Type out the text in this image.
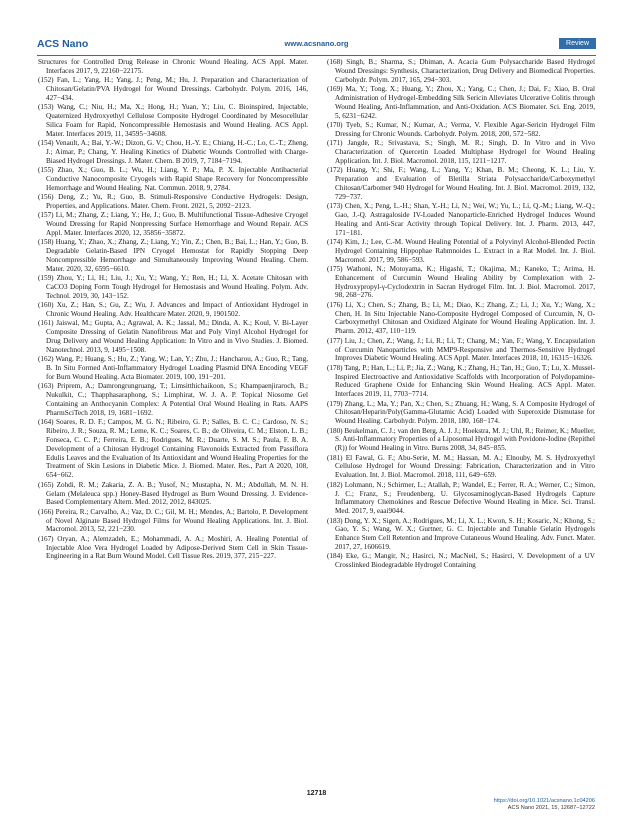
ACS Nano	www.acsnano.org	Review

Structures for Controlled Drug Release in Chronic Wound Healing. ACS Appl. Mater. Interfaces 2017, 9, 22160−22175.

(152) Fan, L.; Yang, H.; Yang, J.; Peng, M.; Hu, J. Preparation and Characterization of Chitosan/Gelatin/PVA Hydrogel for Wound Dressings. Carbohydr. Polym. 2016, 146, 427−434.

(153) Wang, C.; Niu, H.; Ma, X.; Hong, H.; Yuan, Y.; Liu, C. Bioinspired, Injectable, Quaternized Hydroxyethyl Cellulose Composite Hydrogel Coordinated by Mesocellular Silica Foam for Rapid, Noncompressible Hemostasis and Wound Healing. ACS Appl. Mater. Interfaces 2019, 11, 34595−34608.

(154) Venault, A.; Bai, Y.-W.; Dizon, G. V.; Chou, H.-Y. E.; Chiang, H.-C.; Lo, C.-T.; Zheng, J.; Aimar, P.; Chang, Y. Healing Kinetics of Diabetic Wounds Controlled with Charge-Biased Hydrogel Dressings. J. Mater. Chem. B 2019, 7, 7184−7194.

(155) Zhao, X.; Guo, B. L.; Wu, H.; Liang, Y. P.; Ma, P. X. Injectable Antibacterial Conductive Nanocomposite Cryogels with Rapid Shape Recovery for Noncompressible Hemorrhage and Wound Healing. Nat. Commun. 2018, 9, 2784.

(156) Deng, Z.; Yu, R.; Guo, B. Stimuli-Responsive Conductive Hydrogels: Design, Properties, and Applications. Mater. Chem. Front. 2021, 5, 2092−2123.

(157) Li, M.; Zhang, Z.; Liang, Y.; He, J.; Guo, B. Multifunctional Tissue-Adhesive Cryogel Wound Dressing for Rapid Nonpressing Surface Hemorrhage and Wound Repair. ACS Appl. Mater. Interfaces 2020, 12, 35856−35872.

(158) Huang, Y.; Zhao, X.; Zhang, Z.; Liang, Y.; Yin, Z.; Chen, B.; Bai, L.; Han, Y.; Guo, B. Degradable Gelatin-Based IPN Cryogel Hemostat for Rapidly Stopping Deep Noncompressible Hemorrhage and Simultaneously Improving Wound Healing. Chem. Mater. 2020, 32, 6595−6610.

(159) Zhou, Y.; Li, H.; Liu, J.; Xu, Y.; Wang, Y.; Ren, H.; Li, X. Acetate Chitosan with CaCO3 Doping Form Tough Hydrogel for Hemostasis and Wound Healing. Polym. Adv. Technol. 2019, 30, 143−152.

(160) Xu, Z.; Han, S.; Gu, Z.; Wu, J. Advances and Impact of Antioxidant Hydrogel in Chronic Wound Healing. Adv. Healthcare Mater. 2020, 9, 1901502.

(161) Jaiswal, M.; Gupta, A.; Agrawal, A. K.; Jassal, M.; Dinda, A. K.; Koul, V. Bi-Layer Composite Dressing of Gelatin Nanofibrous Mat and Poly Vinyl Alcohol Hydrogel for Drug Delivery and Wound Healing Application: In Vitro and in Vivo Studies. J. Biomed. Nanotechnol. 2013, 9, 1495−1508.

(162) Wang, P.; Huang, S.; Hu, Z.; Yang, W.; Lan, Y.; Zhu, J.; Hancharou, A.; Guo, R.; Tang, B. In Situ Formed Anti-Inflammatory Hydrogel Loading Plasmid DNA Encoding VEGF for Burn Wound Healing. Acta Biomater. 2019, 100, 191−201.

(163) Priprem, A.; Damrongrungruang, T.; Limsitthichaikoon, S.; Khampaenjiraroch, B.; Nukulkit, C.; Thapphasaraphong, S.; Limphirat, W. J. A. P. Topical Niosome Gel Containing an Anthocyanin Complex: A Potential Oral Wound Healing in Rats. AAPS PharmSciTech 2018, 19, 1681−1692.

(164) Soares, R. D. F.; Campos, M. G. N.; Ribeiro, G. P.; Salles, B. C. C.; Cardoso, N. S.; Ribeiro, J. R.; Souza, R. M.; Leme, K. C.; Soares, C. B.; de Oliveira, C. M.; Elston, L. B.; Fonseca, C. C. P.; Ferreira, E. B.; Rodrigues, M. R.; Duarte, S. M. S.; Paula, F. B. A. Development of a Chitosan Hydrogel Containing Flavonoids Extracted from Passiflora Edulis Leaves and the Evaluation of Its Antioxidant and Wound Healing Properties for the Treatment of Skin Lesions in Diabetic Mice. J. Biomed. Mater. Res., Part A 2020, 108, 654−662.

(165) Zohdi, R. M.; Zakaria, Z. A. B.; Yusof, N.; Mustapha, N. M.; Abdullah, M. N. H. Gelam (Melaleuca spp.) Honey-Based Hydrogel as Burn Wound Dressing. J. Evidence-Based Complementary Altern. Med. 2012, 2012, 843025.

(166) Pereira, R.; Carvalho, A.; Vaz, D. C.; Gil, M. H.; Mendes, A.; Bartolo, P. Development of Novel Alginate Based Hydrogel Films for Wound Healing Applications. Int. J. Biol. Macromol. 2013, 52, 221−230.

(167) Oryan, A.; Alemzadeh, E.; Mohammadi, A. A.; Moshiri, A. Healing Potential of Injectable Aloe Vera Hydrogel Loaded by Adipose-Derived Stem Cell in Skin Tissue-Engineering in a Rat Burn Wound Model. Cell Tissue Res. 2019, 377, 215−227.

(168) Singh, B.; Sharma, S.; Dhiman, A. Acacia Gum Polysaccharide Based Hydrogel Wound Dressings: Synthesis, Characterization, Drug Delivery and Biomedical Properties. Carbohydr. Polym. 2017, 165, 294−303.

(169) Ma, Y.; Tong, X.; Huang, Y.; Zhou, X.; Yang, C.; Chen, J.; Dai, F.; Xiao, B. Oral Administration of Hydrogel-Embedding Silk Sericin Alleviates Ulcerative Colitis through Wound Healing, Anti-Inflammation, and Anti-Oxidation. ACS Biomater. Sci. Eng. 2019, 5, 6231−6242.

(170) Tyeb, S.; Kumar, N.; Kumar, A.; Verma, V. Flexible Agar-Sericin Hydrogel Film Dressing for Chronic Wounds. Carbohydr. Polym. 2018, 200, 572−582.

(171) Jangde, R.; Srivastava, S.; Singh, M. R.; Singh, D. In Vitro and in Vivo Characterization of Quercetin Loaded Multiphase Hydrogel for Wound Healing Application. Int. J. Biol. Macromol. 2018, 115, 1211−1217.

(172) Huang, Y.; Shi, F.; Wang, L.; Yang, Y.; Khan, B. M.; Cheong, K. L.; Liu, Y. Preparation and Evaluation of Bletilla Striata Polysaccharide/Carboxymethyl Chitosan/Carbomer 940 Hydrogel for Wound Healing. Int. J. Biol. Macromol. 2019, 132, 729−737.

(173) Chen, X.; Peng, L.-H.; Shan, Y.-H.; Li, N.; Wei, W.; Yu, L.; Li, Q.-M.; Liang, W.-Q.; Gao, J.-Q. Astragaloside IV-Loaded Nanoparticle-Enriched Hydrogel Induces Wound Healing and Anti-Scar Activity through Topical Delivery. Int. J. Pharm. 2013, 447, 171−181.

(174) Kim, J.; Lee, C.-M. Wound Healing Potential of a Polyvinyl Alcohol-Blended Pectin Hydrogel Containing Hippophae Rahmnoides L. Extract in a Rat Model. Int. J. Biol. Macromol. 2017, 99, 586−593.

(175) Wathoni, N.; Motoyama, K.; Higashi, T.; Okajima, M.; Kaneko, T.; Arima, H. Enhancement of Curcumin Wound Healing Ability by Complexation with 2-Hydroxypropyl-γ-Cyclodextrin in Sacran Hydrogel Film. Int. J. Biol. Macromol. 2017, 98, 268−276.

(176) Li, X.; Chen, S.; Zhang, B.; Li, M.; Diao, K.; Zhang, Z.; Li, J.; Xu, Y.; Wang, X.; Chen, H. In Situ Injectable Nano-Composite Hydrogel Composed of Curcumin, N, O-Carboxymethyl Chitosan and Oxidized Alginate for Wound Healing Application. Int. J. Pharm. 2012, 437, 110−119.

(177) Liu, J.; Chen, Z.; Wang, J.; Li, R.; Li, T.; Chang, M.; Yan, F.; Wang, Y. Encapsulation of Curcumin Nanoparticles with MMP9-Responsive and Thermos-Sensitive Hydrogel Improves Diabetic Wound Healing. ACS Appl. Mater. Interfaces 2018, 10, 16315−16326.

(178) Tang, P.; Han, L.; Li, P.; Jia, Z.; Wang, K.; Zhang, H.; Tan, H.; Guo, T.; Lu, X. Mussel-Inspired Electroactive and Antioxidative Scaffolds with Incorporation of Polydopamine-Reduced Graphene Oxide for Enhancing Skin Wound Healing. ACS Appl. Mater. Interfaces 2019, 11, 7703−7714.

(179) Zhang, L.; Ma, Y.; Pan, X.; Chen, S.; Zhuang, H.; Wang, S. A Composite Hydrogel of Chitosan/Heparin/Poly(Gamma-Glutamic Acid) Loaded with Superoxide Dismutase for Wound Healing. Carbohydr. Polym. 2018, 180, 168−174.

(180) Beukelman, C. J.; van den Berg, A. J. J.; Hoekstra, M. J.; Uhl, R.; Reimer, K.; Mueller, S. Anti-Inflammatory Properties of a Liposomal Hydrogel with Povidone-Iodine (Repithel (R)) for Wound Healing in Vitro. Burns 2008, 34, 845−855.

(181) El Fawal, G. F.; Abu-Serie, M. M.; Hassan, M. A.; Elnouby, M. S. Hydroxyethyl Cellulose Hydrogel for Wound Dressing: Fabrication, Characterization and in Vitro Evaluation. Int. J. Biol. Macromol. 2018, 111, 649−659.

(182) Lohmann, N.; Schirmer, L.; Atallah, P.; Wandel, E.; Ferrer, R. A.; Werner, C.; Simon, J. C.; Franz, S.; Freudenberg, U. Glycosaminoglycan-Based Hydrogels Capture Inflammatory Chemokines and Rescue Defective Wound Healing in Mice. Sci. Transl. Med. 2017, 9, eaai9044.

(183) Dong, Y. X.; Sigen, A.; Rodrigues, M.; Li, X. L.; Kwon, S. H.; Kosaric, N.; Khong, S.; Gao, Y. S.; Wang, W. X.; Gurtner, G. C. Injectable and Tunable Gelatin Hydrogels Enhance Stem Cell Retention and Improve Cutaneous Wound Healing. Adv. Funct. Mater. 2017, 27, 1606619.

(184) Eke, G.; Mangir, N.; Hasirci, N.; MacNeil, S.; Hasirci, V. Development of a UV Crosslinked Biodegradable Hydrogel Containing

12718
https://doi.org/10.1021/acsnano.1c04206
ACS Nano 2021, 15, 12687−12722
